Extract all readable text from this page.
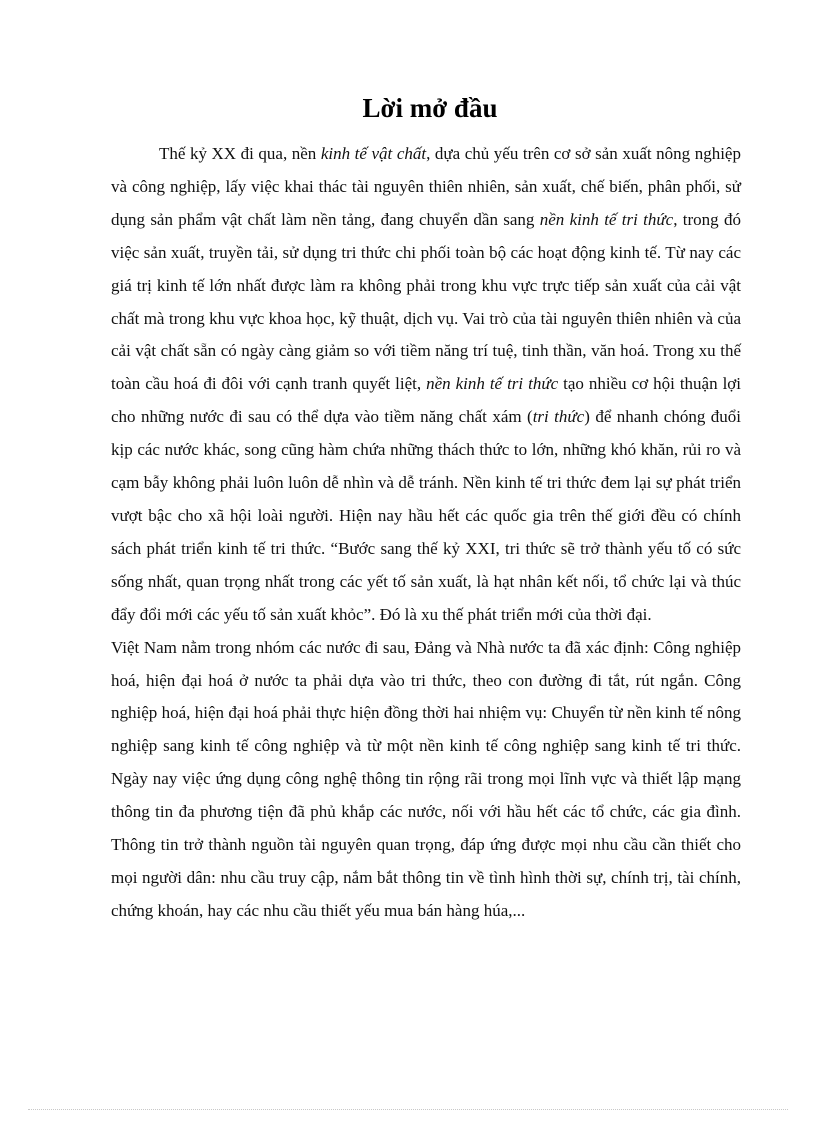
Lời mở đầu

Thế kỷ XX đi qua, nền kinh tế vật chất, dựa chủ yếu trên cơ sở sản xuất nông nghiệp và công nghiệp, lấy việc khai thác tài nguyên thiên nhiên, sản xuất, chế biến, phân phối, sử dụng sản phẩm vật chất làm nền tảng, đang chuyển dần sang nền kinh tế tri thức, trong đó việc sản xuất, truyền tải, sử dụng tri thức chi phối toàn bộ các hoạt động kinh tế. Từ nay các giá trị kinh tế lớn nhất được làm ra không phải trong khu vực trực tiếp sản xuất của cải vật chất mà trong khu vực khoa học, kỹ thuật, dịch vụ. Vai trò của tài nguyên thiên nhiên và của cải vật chất sẵn có ngày càng giảm so với tiềm năng trí tuệ, tinh thần, văn hoá. Trong xu thế toàn cầu hoá đi đôi với cạnh tranh quyết liệt, nền kinh tế tri thức tạo nhiều cơ hội thuận lợi cho những nước đi sau có thể dựa vào tiềm năng chất xám (tri thức) để nhanh chóng đuổi kịp các nước khác, song cũng hàm chứa những thách thức to lớn, những khó khăn, rủi ro và cạm bẫy không phải luôn luôn dễ nhìn và dễ tránh. Nền kinh tế tri thức đem lại sự phát triển vượt bậc cho xã hội loài người. Hiện nay hầu hết các quốc gia trên thế giới đều có chính sách phát triển kinh tế tri thức. “Bước sang thế kỷ XXI, tri thức sẽ trở thành yếu tố có sức sống nhất, quan trọng nhất trong các yết tố sản xuất, là hạt nhân kết nối, tổ chức lại và thúc đẩy đổi mới các yếu tố sản xuất khỏc”. Đó là xu thế phát triển mới của thời đại.

Việt Nam nằm trong nhóm các nước đi sau, Đảng và Nhà nước ta đã xác định: Công nghiệp hoá, hiện đại hoá ở nước ta phải dựa vào tri thức, theo con đường đi tắt, rút ngắn. Công nghiệp hoá, hiện đại hoá phải thực hiện đồng thời hai nhiệm vụ: Chuyển từ nền kinh tế nông nghiệp sang kinh tế công nghiệp và từ một nền kinh tế công nghiệp sang kinh tế tri thức. Ngày nay việc ứng dụng công nghệ thông tin rộng rãi trong mọi lĩnh vực và thiết lập mạng thông tin đa phương tiện đã phủ khắp các nước, nối với hầu hết các tổ chức, các gia đình. Thông tin trở thành nguồn tài nguyên quan trọng, đáp ứng được mọi nhu cầu cần thiết cho mọi người dân: nhu cầu truy cập, nắm bắt thông tin về tình hình thời sự, chính trị, tài chính, chứng khoán, hay các nhu cầu thiết yếu mua bán hàng húa,...
